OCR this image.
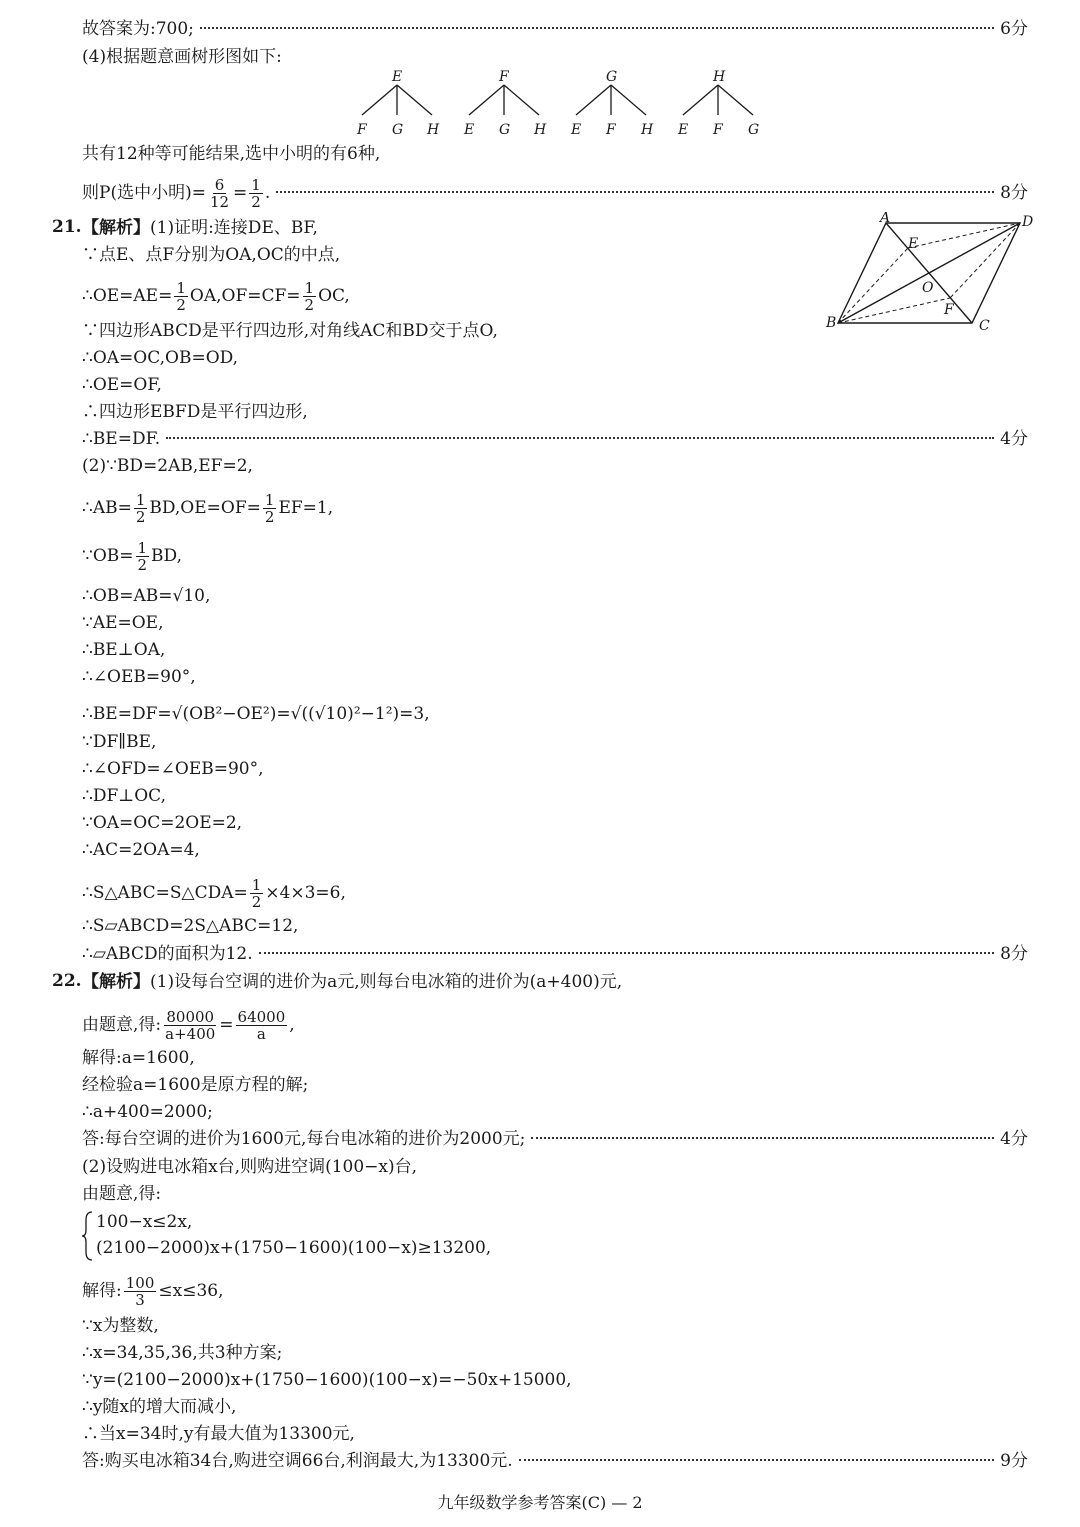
故答案为:700;	6分
(4)根据题意画树形图如下:
E
F G H
F
E G H
G
E F H
H
E F G
共有12种等可能结果,选中小明的有6种,
则P(选中小明)= $\frac{6}{12} = \frac{1}{2}$ .	8分
21. 【解析】(1)证明:连接DE、BF,
∵点E、点F分别为OA,OC的中点,
∴OE=AE= $\frac{1}{2} OA,OF=CF= \frac{1}{2}$ OC,
∵四边形ABCD是平行四边形,对角线AC和BD交于点O,
∴OA=OC,OB=OD,
∴OE=OF,
∴四边形EBFD是平行四边形,
∴BE=DF.	4分
(2)∵BD=2AB,EF=2,
∴AB= $\frac{1}{2} BD,OE=OF= \frac{1}{2} EF=1$,
∵OB= $\frac{1}{2}$ BD,
∴OB=AB=√10,
∵AE=OE,
∴BE⊥OA,
∴∠OEB=90°,
∴BE=DF=√(OB²−OE²)=√((√10)²−1²)=3,
∵DF∥BE,
∴∠OFD=∠OEB=90°,
∴DF⊥OC,
∵OA=OC=2OE=2,
∴AC=2OA=4,
∴S△ABC=S△CDA= $\frac{1}{2} \times 4\times 3=6$,
∴S▱ABCD=2S△ABC=12,
∴▱ABCD的面积为12.	8分
22. 【解析】(1)设每台空调的进价为a元,则每台电冰箱的进价为(a+400)元,
由题意,得: $\frac{80000}{a+400} = \frac{64000}{a}$ ,
解得:a=1600,
经检验a=1600是原方程的解;
∴a+400=2000;
答:每台空调的进价为1600元,每台电冰箱的进价为2000元;	4分
(2)设购进电冰箱x台,则购进空调(100−x)台,
由题意,得:
100−x≤2x,
(2100−2000)x+(1750−1600)(100−x)≥13200,
解得: $\frac{100}{3} \le x\le 36$,
∵x为整数,
∴x=34,35,36,共3种方案;
∵y=(2100−2000)x+(1750−1600)(100−x)=−50x+15000,
∴y随x的增大而减小,
∴当x=34时,y有最大值为13300元,
答:购买电冰箱34台,购进空调66台,利润最大,为13300元.	9分
A	D
E
O
F
B	C
九年级数学参考答案(C) — 2
